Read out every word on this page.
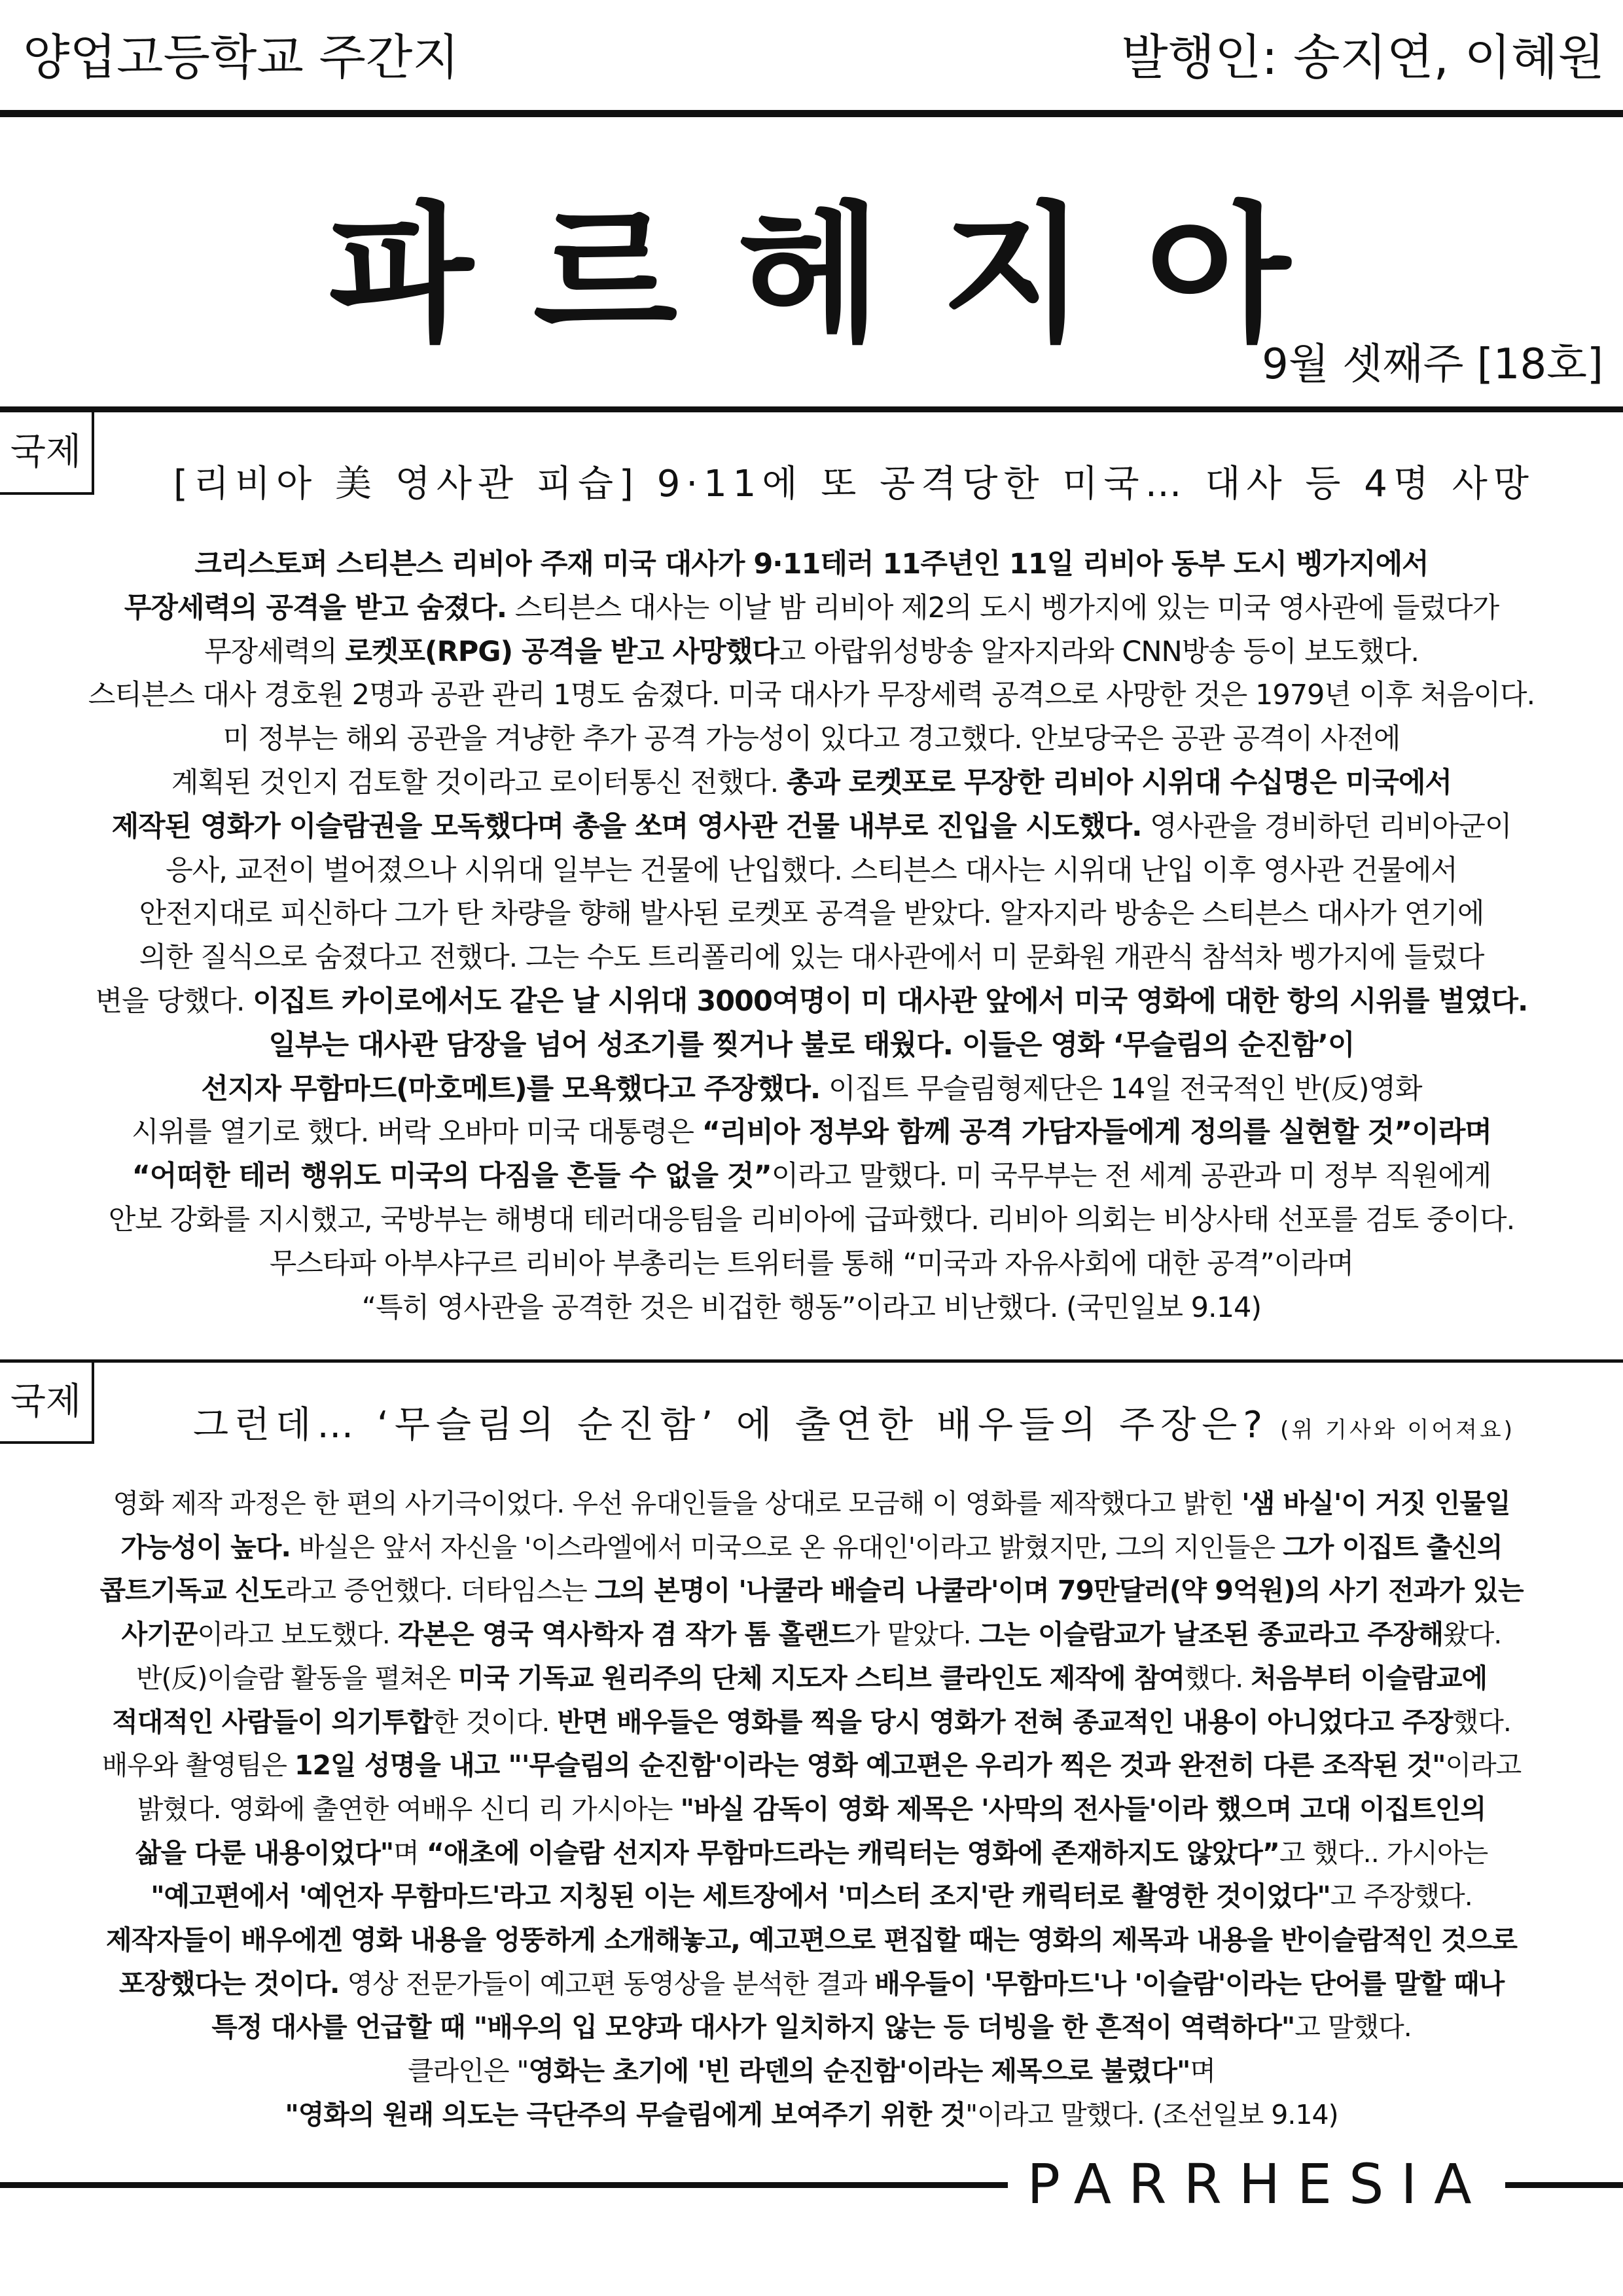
양업고등학교 주간지	발행인: 송지연, 이혜원
파 르 헤 지 아
9월 셋째주 [18호]
국제
[리비아 美 영사관 피습] 9·11에 또 공격당한 미국… 대사 등 4명 사망
크리스토퍼 스티븐스 리비아 주재 미국 대사가 9·11테러 11주년인 11일 리비아 동부 도시 벵가지에서
무장세력의 공격을 받고 숨졌다. 스티븐스 대사는 이날 밤 리비아 제2의 도시 벵가지에 있는 미국 영사관에 들렀다가
무장세력의 로켓포(RPG) 공격을 받고 사망했다고 아랍위성방송 알자지라와 CNN방송 등이 보도했다.
스티븐스 대사 경호원 2명과 공관 관리 1명도 숨졌다. 미국 대사가 무장세력 공격으로 사망한 것은 1979년 이후 처음이다.
미 정부는 해외 공관을 겨냥한 추가 공격 가능성이 있다고 경고했다. 안보당국은 공관 공격이 사전에
계획된 것인지 검토할 것이라고 로이터통신 전했다. 총과 로켓포로 무장한 리비아 시위대 수십명은 미국에서
제작된 영화가 이슬람권을 모독했다며 총을 쏘며 영사관 건물 내부로 진입을 시도했다. 영사관을 경비하던 리비아군이
응사, 교전이 벌어졌으나 시위대 일부는 건물에 난입했다. 스티븐스 대사는 시위대 난입 이후 영사관 건물에서
안전지대로 피신하다 그가 탄 차량을 향해 발사된 로켓포 공격을 받았다. 알자지라 방송은 스티븐스 대사가 연기에
의한 질식으로 숨졌다고 전했다. 그는 수도 트리폴리에 있는 대사관에서 미 문화원 개관식 참석차 벵가지에 들렀다
변을 당했다. 이집트 카이로에서도 같은 날 시위대 3000여명이 미 대사관 앞에서 미국 영화에 대한 항의 시위를 벌였다.
일부는 대사관 담장을 넘어 성조기를 찢거나 불로 태웠다. 이들은 영화 ‘무슬림의 순진함’이
선지자 무함마드(마호메트)를 모욕했다고 주장했다. 이집트 무슬림형제단은 14일 전국적인 반(反)영화
시위를 열기로 했다. 버락 오바마 미국 대통령은 “리비아 정부와 함께 공격 가담자들에게 정의를 실현할 것”이라며
“어떠한 테러 행위도 미국의 다짐을 흔들 수 없을 것”이라고 말했다. 미 국무부는 전 세계 공관과 미 정부 직원에게
안보 강화를 지시했고, 국방부는 해병대 테러대응팀을 리비아에 급파했다. 리비아 의회는 비상사태 선포를 검토 중이다.
무스타파 아부샤구르 리비아 부총리는 트위터를 통해 “미국과 자유사회에 대한 공격”이라며
“특히 영사관을 공격한 것은 비겁한 행동”이라고 비난했다. (국민일보 9.14)
국제
그런데… ‘무슬림의 순진함’ 에 출연한 배우들의 주장은? (위 기사와 이어져요)
영화 제작 과정은 한 편의 사기극이었다. 우선 유대인들을 상대로 모금해 이 영화를 제작했다고 밝힌 '샘 바실'이 거짓 인물일
가능성이 높다. 바실은 앞서 자신을 '이스라엘에서 미국으로 온 유대인'이라고 밝혔지만, 그의 지인들은 그가 이집트 출신의
콥트기독교 신도라고 증언했다. 더타임스는 그의 본명이 '나쿨라 배슬리 나쿨라'이며 79만달러(약 9억원)의 사기 전과가 있는
사기꾼이라고 보도했다. 각본은 영국 역사학자 겸 작가 톰 홀랜드가 맡았다. 그는 이슬람교가 날조된 종교라고 주장해왔다.
반(反)이슬람 활동을 펼쳐온 미국 기독교 원리주의 단체 지도자 스티브 클라인도 제작에 참여했다. 처음부터 이슬람교에
적대적인 사람들이 의기투합한 것이다. 반면 배우들은 영화를 찍을 당시 영화가 전혀 종교적인 내용이 아니었다고 주장했다.
배우와 촬영팀은 12일 성명을 내고 "'무슬림의 순진함'이라는 영화 예고편은 우리가 찍은 것과 완전히 다른 조작된 것"이라고
밝혔다. 영화에 출연한 여배우 신디 리 가시아는 "바실 감독이 영화 제목은 '사막의 전사들'이라 했으며 고대 이집트인의
삶을 다룬 내용이었다"며 “애초에 이슬람 선지자 무함마드라는 캐릭터는 영화에 존재하지도 않았다”고 했다.. 가시아는
"예고편에서 '예언자 무함마드'라고 지칭된 이는 세트장에서 '미스터 조지'란 캐릭터로 촬영한 것이었다"고 주장했다.
제작자들이 배우에겐 영화 내용을 엉뚱하게 소개해놓고, 예고편으로 편집할 때는 영화의 제목과 내용을 반이슬람적인 것으로
포장했다는 것이다. 영상 전문가들이 예고편 동영상을 분석한 결과 배우들이 '무함마드'나 '이슬람'이라는 단어를 말할 때나
특정 대사를 언급할 때 "배우의 입 모양과 대사가 일치하지 않는 등 더빙을 한 흔적이 역력하다"고 말했다.
클라인은 "영화는 초기에 '빈 라덴의 순진함'이라는 제목으로 불렸다"며
"영화의 원래 의도는 극단주의 무슬림에게 보여주기 위한 것"이라고 말했다. (조선일보 9.14)
PARRHESIA
